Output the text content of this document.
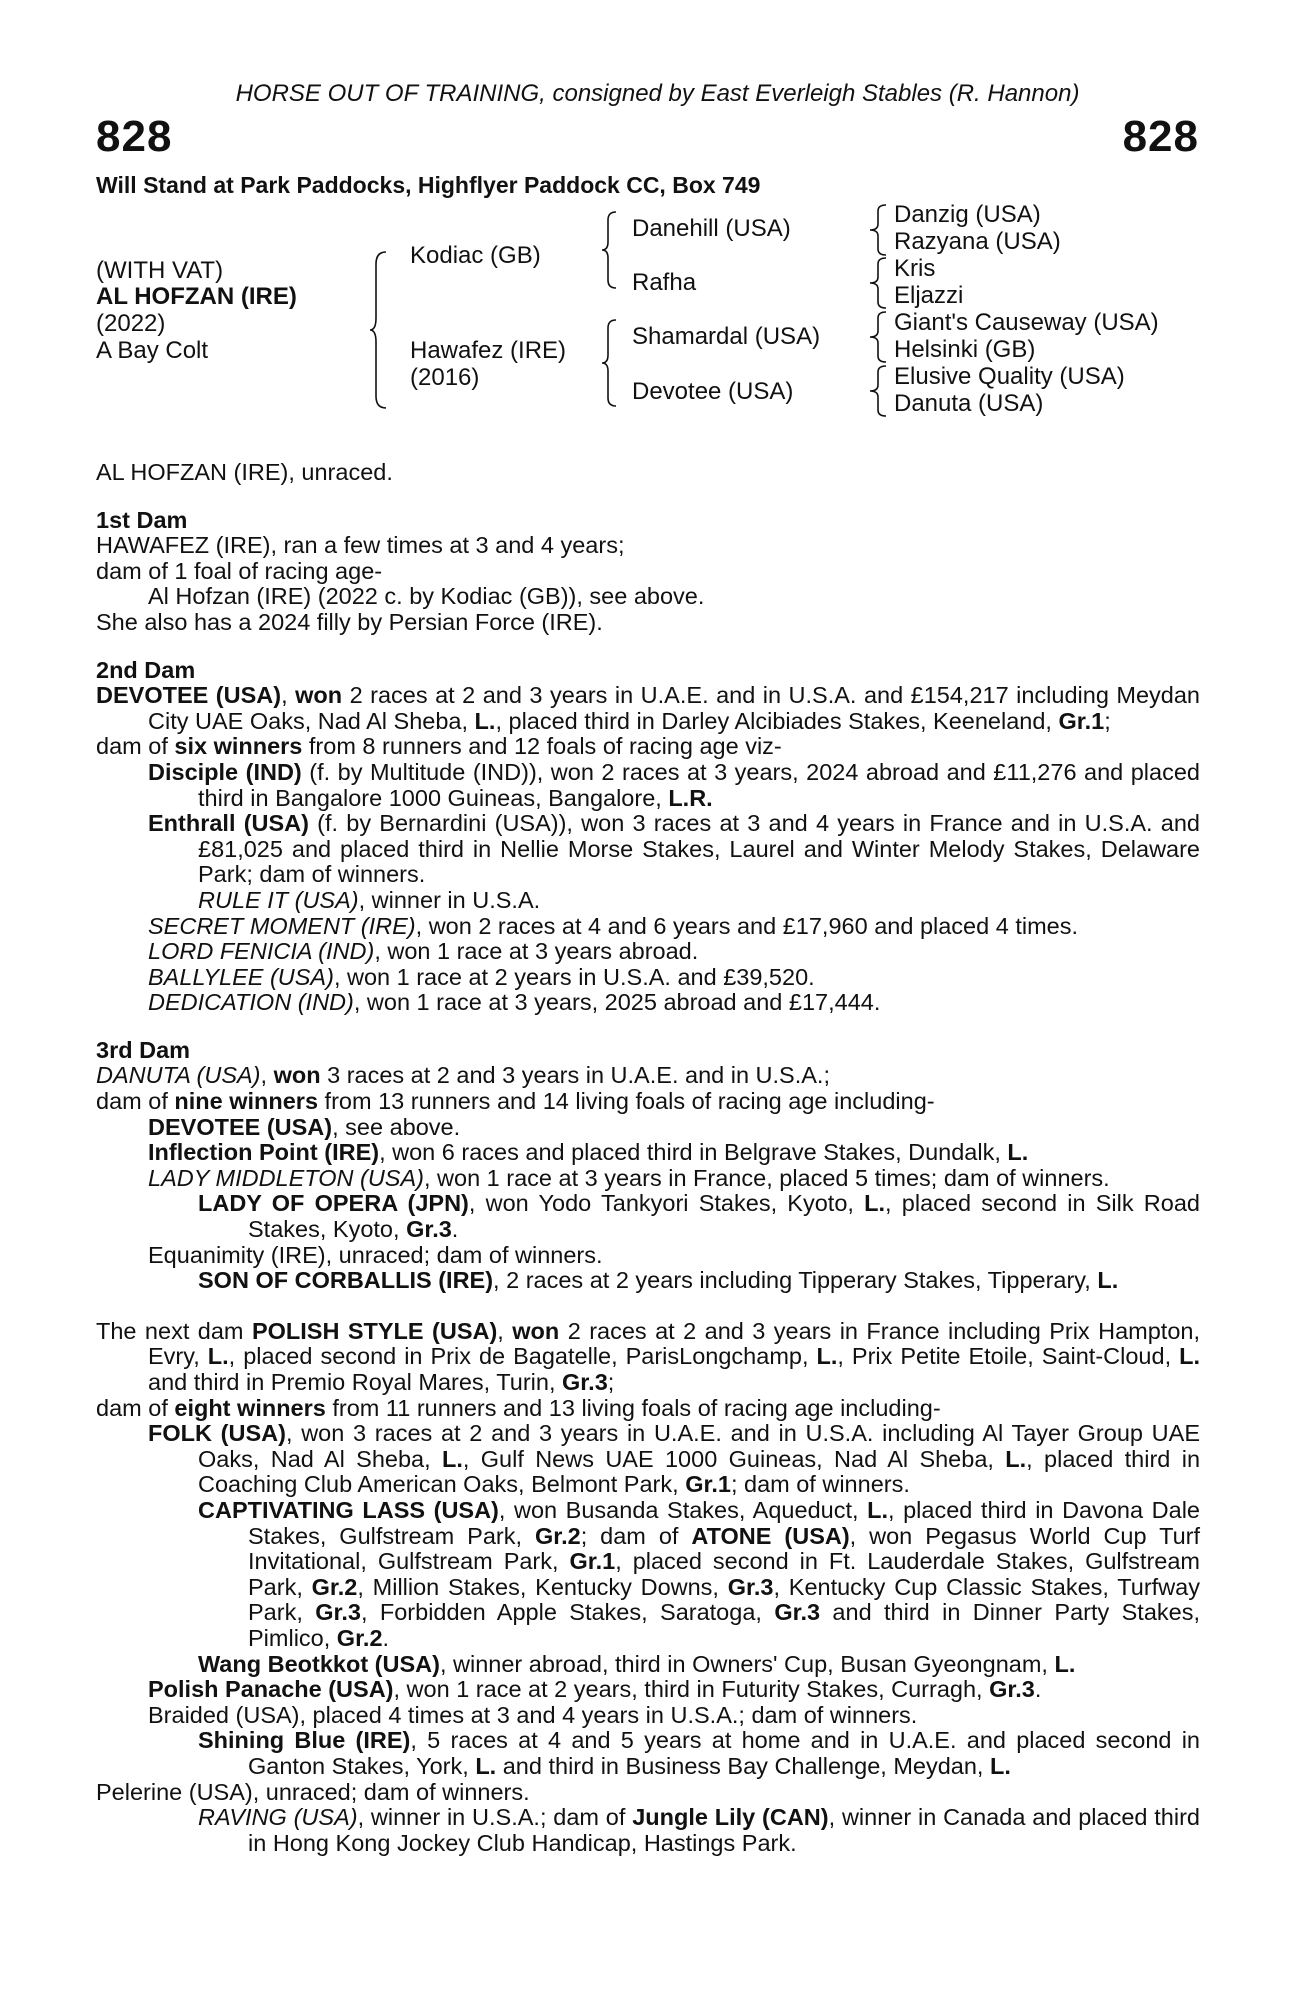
HORSE OUT OF TRAINING, consigned by East Everleigh Stables (R. Hannon)
828	828
Will Stand at Park Paddocks, Highflyer Paddock CC, Box 749
(WITH VAT)
AL HOFZAN (IRE)
(2022)
A Bay Colt
Kodiac (GB)
Hawafez (IRE)
(2016)
Danehill (USA)
Rafha
Shamardal (USA)
Devotee (USA)
Danzig (USA)
Razyana (USA)
Kris
Eljazzi
Giant's Causeway (USA)
Helsinki (GB)
Elusive Quality (USA)
Danuta (USA)

AL HOFZAN (IRE), unraced.

1st Dam

HAWAFEZ (IRE), ran a few times at 3 and 4 years;

dam of 1 foal of racing age-

Al Hofzan (IRE) (2022 c. by Kodiac (GB)), see above.

She also has a 2024 filly by Persian Force (IRE).

2nd Dam

DEVOTEE (USA), won 2 races at 2 and 3 years in U.A.E. and in U.S.A. and £154,217 including Meydan City UAE Oaks, Nad Al Sheba, L., placed third in Darley Alcibiades Stakes, Keeneland, Gr.1;

dam of six winners from 8 runners and 12 foals of racing age viz-

Disciple (IND) (f. by Multitude (IND)), won 2 races at 3 years, 2024 abroad and £11,276 and placed third in Bangalore 1000 Guineas, Bangalore, L.R.

Enthrall (USA) (f. by Bernardini (USA)), won 3 races at 3 and 4 years in France and in U.S.A. and £81,025 and placed third in Nellie Morse Stakes, Laurel and Winter Melody Stakes, Delaware Park; dam of winners.

RULE IT (USA), winner in U.S.A.

SECRET MOMENT (IRE), won 2 races at 4 and 6 years and £17,960 and placed 4 times.

LORD FENICIA (IND), won 1 race at 3 years abroad.

BALLYLEE (USA), won 1 race at 2 years in U.S.A. and £39,520.

DEDICATION (IND), won 1 race at 3 years, 2025 abroad and £17,444.

3rd Dam

DANUTA (USA), won 3 races at 2 and 3 years in U.A.E. and in U.S.A.;

dam of nine winners from 13 runners and 14 living foals of racing age including-

DEVOTEE (USA), see above.

Inflection Point (IRE), won 6 races and placed third in Belgrave Stakes, Dundalk, L.

LADY MIDDLETON (USA), won 1 race at 3 years in France, placed 5 times; dam of winners.

LADY OF OPERA (JPN), won Yodo Tankyori Stakes, Kyoto, L., placed second in Silk Road Stakes, Kyoto, Gr.3.

Equanimity (IRE), unraced; dam of winners.

SON OF CORBALLIS (IRE), 2 races at 2 years including Tipperary Stakes, Tipperary, L.

The next dam POLISH STYLE (USA), won 2 races at 2 and 3 years in France including Prix Hampton, Evry, L., placed second in Prix de Bagatelle, ParisLongchamp, L., Prix Petite Etoile, Saint-Cloud, L. and third in Premio Royal Mares, Turin, Gr.3;

dam of eight winners from 11 runners and 13 living foals of racing age including-

FOLK (USA), won 3 races at 2 and 3 years in U.A.E. and in U.S.A. including Al Tayer Group UAE Oaks, Nad Al Sheba, L., Gulf News UAE 1000 Guineas, Nad Al Sheba, L., placed third in Coaching Club American Oaks, Belmont Park, Gr.1; dam of winners.

CAPTIVATING LASS (USA), won Busanda Stakes, Aqueduct, L., placed third in Davona Dale Stakes, Gulfstream Park, Gr.2; dam of ATONE (USA), won Pegasus World Cup Turf Invitational, Gulfstream Park, Gr.1, placed second in Ft. Lauderdale Stakes, Gulfstream Park, Gr.2, Million Stakes, Kentucky Downs, Gr.3, Kentucky Cup Classic Stakes, Turfway Park, Gr.3, Forbidden Apple Stakes, Saratoga, Gr.3 and third in Dinner Party Stakes, Pimlico, Gr.2.

Wang Beotkkot (USA), winner abroad, third in Owners' Cup, Busan Gyeongnam, L.

Polish Panache (USA), won 1 race at 2 years, third in Futurity Stakes, Curragh, Gr.3.

Braided (USA), placed 4 times at 3 and 4 years in U.S.A.; dam of winners.

Shining Blue (IRE), 5 races at 4 and 5 years at home and in U.A.E. and placed second in Ganton Stakes, York, L. and third in Business Bay Challenge, Meydan, L.

Pelerine (USA), unraced; dam of winners.

RAVING (USA), winner in U.S.A.; dam of Jungle Lily (CAN), winner in Canada and placed third in Hong Kong Jockey Club Handicap, Hastings Park.
